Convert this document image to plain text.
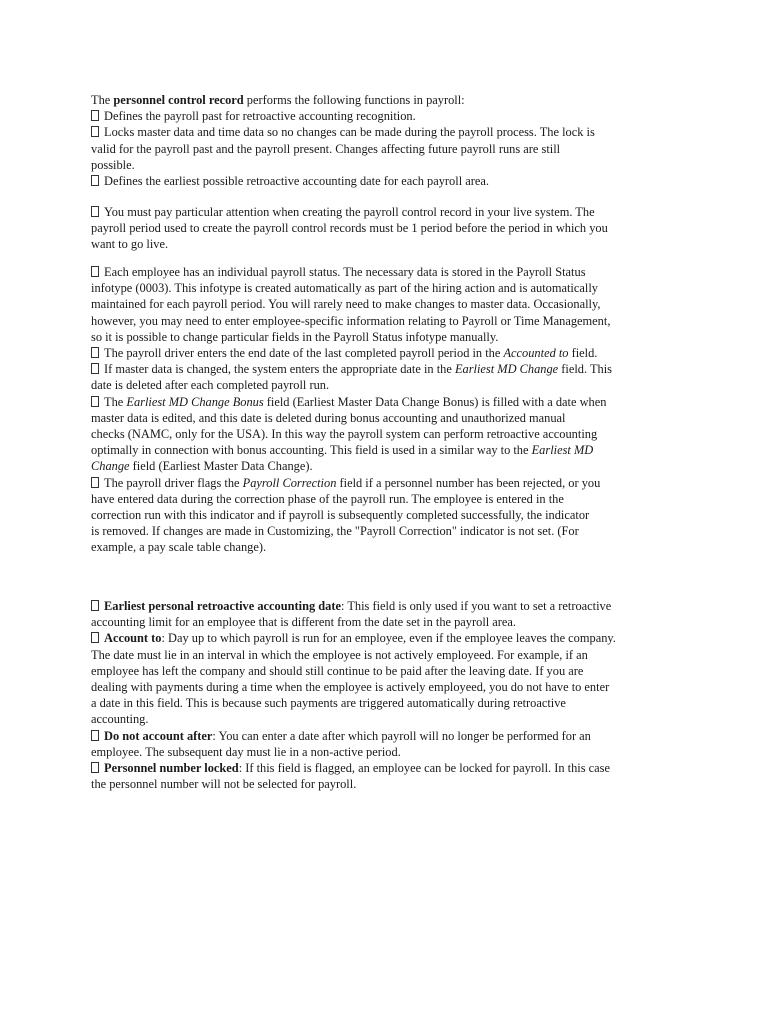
The personnel control record performs the following functions in payroll:
Defines the payroll past for retroactive accounting recognition.
Locks master data and time data so no changes can be made during the payroll process. The lock is
valid for the payroll past and the payroll present. Changes affecting future payroll runs are still
possible.
Defines the earliest possible retroactive accounting date for each payroll area.
You must pay particular attention when creating the payroll control record in your live system. The
payroll period used to create the payroll control records must be 1 period before the period in which you
want to go live.
Each employee has an individual payroll status. The necessary data is stored in the Payroll Status
infotype (0003). This infotype is created automatically as part of the hiring action and is automatically
maintained for each payroll period. You will rarely need to make changes to master data. Occasionally,
however, you may need to enter employee-specific information relating to Payroll or Time Management,
so it is possible to change particular fields in the Payroll Status infotype manually.
The payroll driver enters the end date of the last completed payroll period in the Accounted to field.
If master data is changed, the system enters the appropriate date in the Earliest MD Change field. This
date is deleted after each completed payroll run.
The Earliest MD Change Bonus field (Earliest Master Data Change Bonus) is filled with a date when
master data is edited, and this date is deleted during bonus accounting and unauthorized manual
checks (NAMC, only for the USA). In this way the payroll system can perform retroactive accounting
optimally in connection with bonus accounting. This field is used in a similar way to the Earliest MD
Change field (Earliest Master Data Change).
The payroll driver flags the Payroll Correction field if a personnel number has been rejected, or you
have entered data during the correction phase of the payroll run. The employee is entered in the
correction run with this indicator and if payroll is subsequently completed successfully, the indicator
is removed. If changes are made in Customizing, the "Payroll Correction" indicator is not set. (For
example, a pay scale table change).
Earliest personal retroactive accounting date: This field is only used if you want to set a retroactive
accounting limit for an employee that is different from the date set in the payroll area.
Account to: Day up to which payroll is run for an employee, even if the employee leaves the company.
The date must lie in an interval in which the employee is not actively employeed. For example, if an
employee has left the company and should still continue to be paid after the leaving date. If you are
dealing with payments during a time when the employee is actively employeed, you do not have to enter
a date in this field. This is because such payments are triggered automatically during retroactive
accounting.
Do not account after: You can enter a date after which payroll will no longer be performed for an
employee. The subsequent day must lie in a non-active period.
Personnel number locked: If this field is flagged, an employee can be locked for payroll. In this case
the personnel number will not be selected for payroll.
